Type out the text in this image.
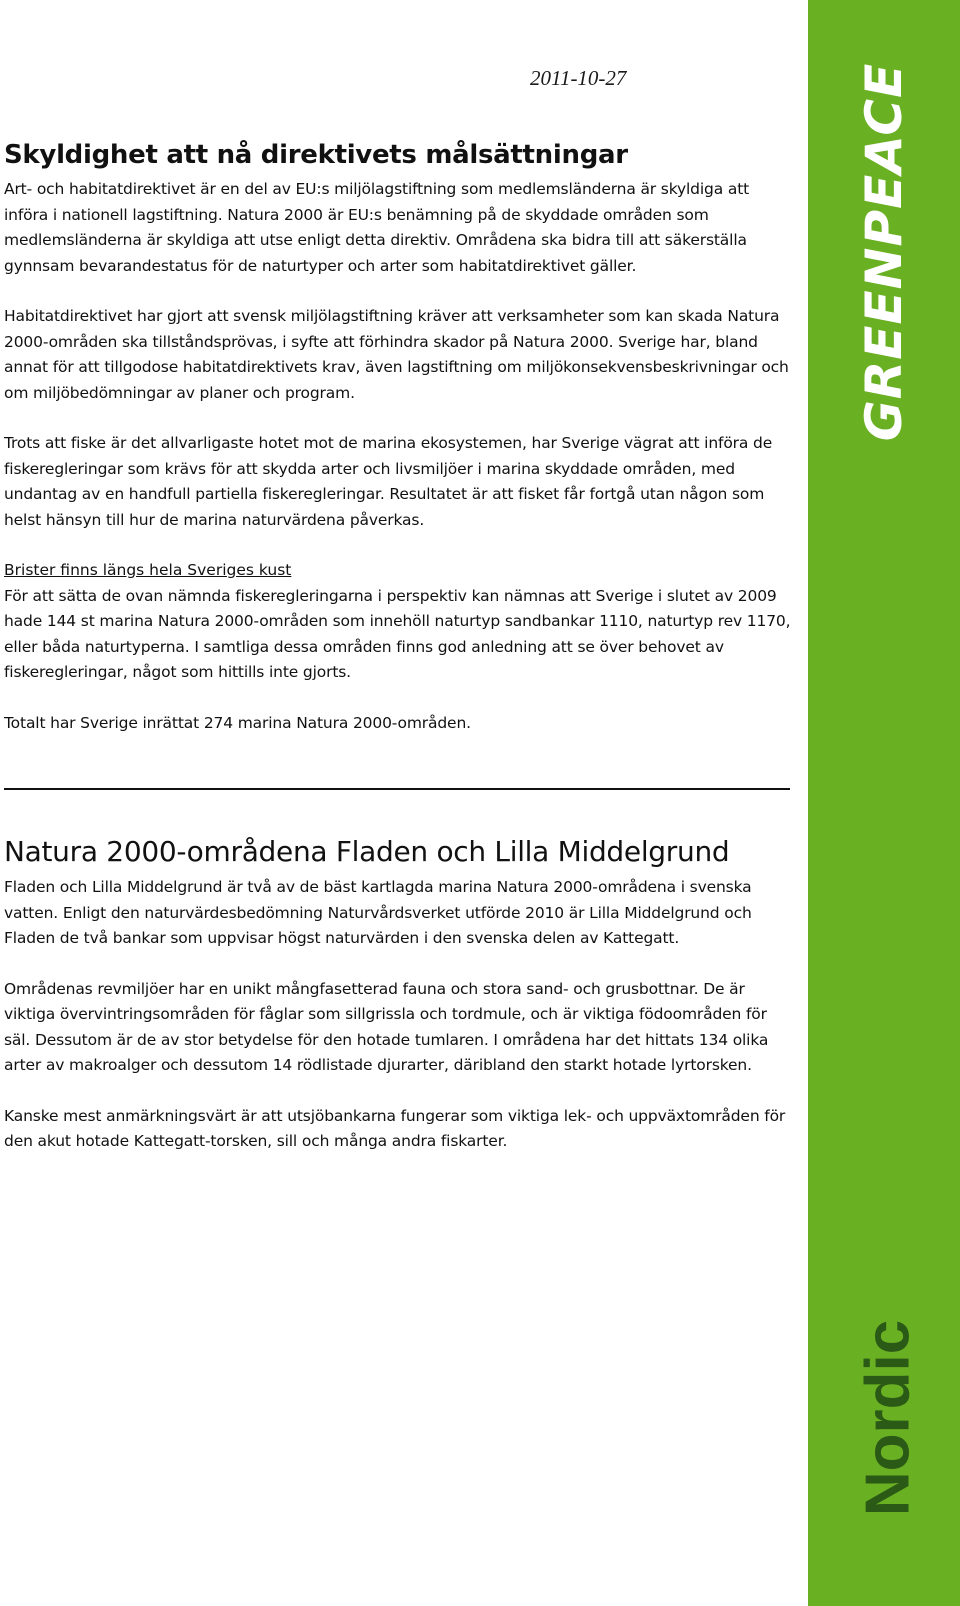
2011-10-27
Skyldighet att nå direktivets målsättningar

Art- och habitatdirektivet är en del av EU:s miljölagstiftning som medlemsländerna är skyldiga att införa i nationell lagstiftning. Natura 2000 är EU:s benämning på de skyddade områden som medlemsländerna är skyldiga att utse enligt detta direktiv. Områdena ska bidra till att säkerställa gynnsam bevarandestatus för de naturtyper och arter som habitatdirektivet gäller.

Habitatdirektivet har gjort att svensk miljölagstiftning kräver att verksamheter som kan skada Natura 2000-områden ska tillståndsprövas, i syfte att förhindra skador på Natura 2000. Sverige har, bland annat för att tillgodose habitatdirektivets krav, även lagstiftning om miljökonsekvensbeskrivningar och om miljöbedömningar av planer och program.

Trots att fiske är det allvarligaste hotet mot de marina ekosystemen, har Sverige vägrat att införa de fiskeregleringar som krävs för att skydda arter och livsmiljöer i marina skyddade områden, med undantag av en handfull partiella fiskeregleringar. Resultatet är att fisket får fortgå utan någon som helst hänsyn till hur de marina naturvärdena påverkas.

Brister finns längs hela Sveriges kust

För att sätta de ovan nämnda fiskeregleringarna i perspektiv kan nämnas att Sverige i slutet av 2009 hade 144 st marina Natura 2000-områden som innehöll naturtyp sandbankar 1110, naturtyp rev 1170, eller båda naturtyperna. I samtliga dessa områden finns god anledning att se över behovet av fiskeregleringar, något som hittills inte gjorts.

Totalt har Sverige inrättat 274 marina Natura 2000-områden.

Natura 2000-områdena Fladen och Lilla Middelgrund

Fladen och Lilla Middelgrund är två av de bäst kartlagda marina Natura 2000-områdena i svenska vatten. Enligt den naturvärdesbedömning Naturvårdsverket utförde 2010 är Lilla Middelgrund och Fladen de två bankar som uppvisar högst naturvärden i den svenska delen av Kattegatt.

Områdenas revmiljöer har en unikt mångfasetterad fauna och stora sand- och grusbottnar. De är viktiga övervintringsområden för fåglar som sillgrissla och tordmule, och är viktiga födoområden för säl. Dessutom är de av stor betydelse för den hotade tumlaren. I områdena har det hittats 134 olika arter av makroalger och dessutom 14 rödlistade djurarter, däribland den starkt hotade lyrtorsken.

Kanske mest anmärkningsvärt är att utsjöbankarna fungerar som viktiga lek- och uppväxtområden för den akut hotade Kattegatt-torsken, sill och många andra fiskarter.

GREENPEACE
Nordic
